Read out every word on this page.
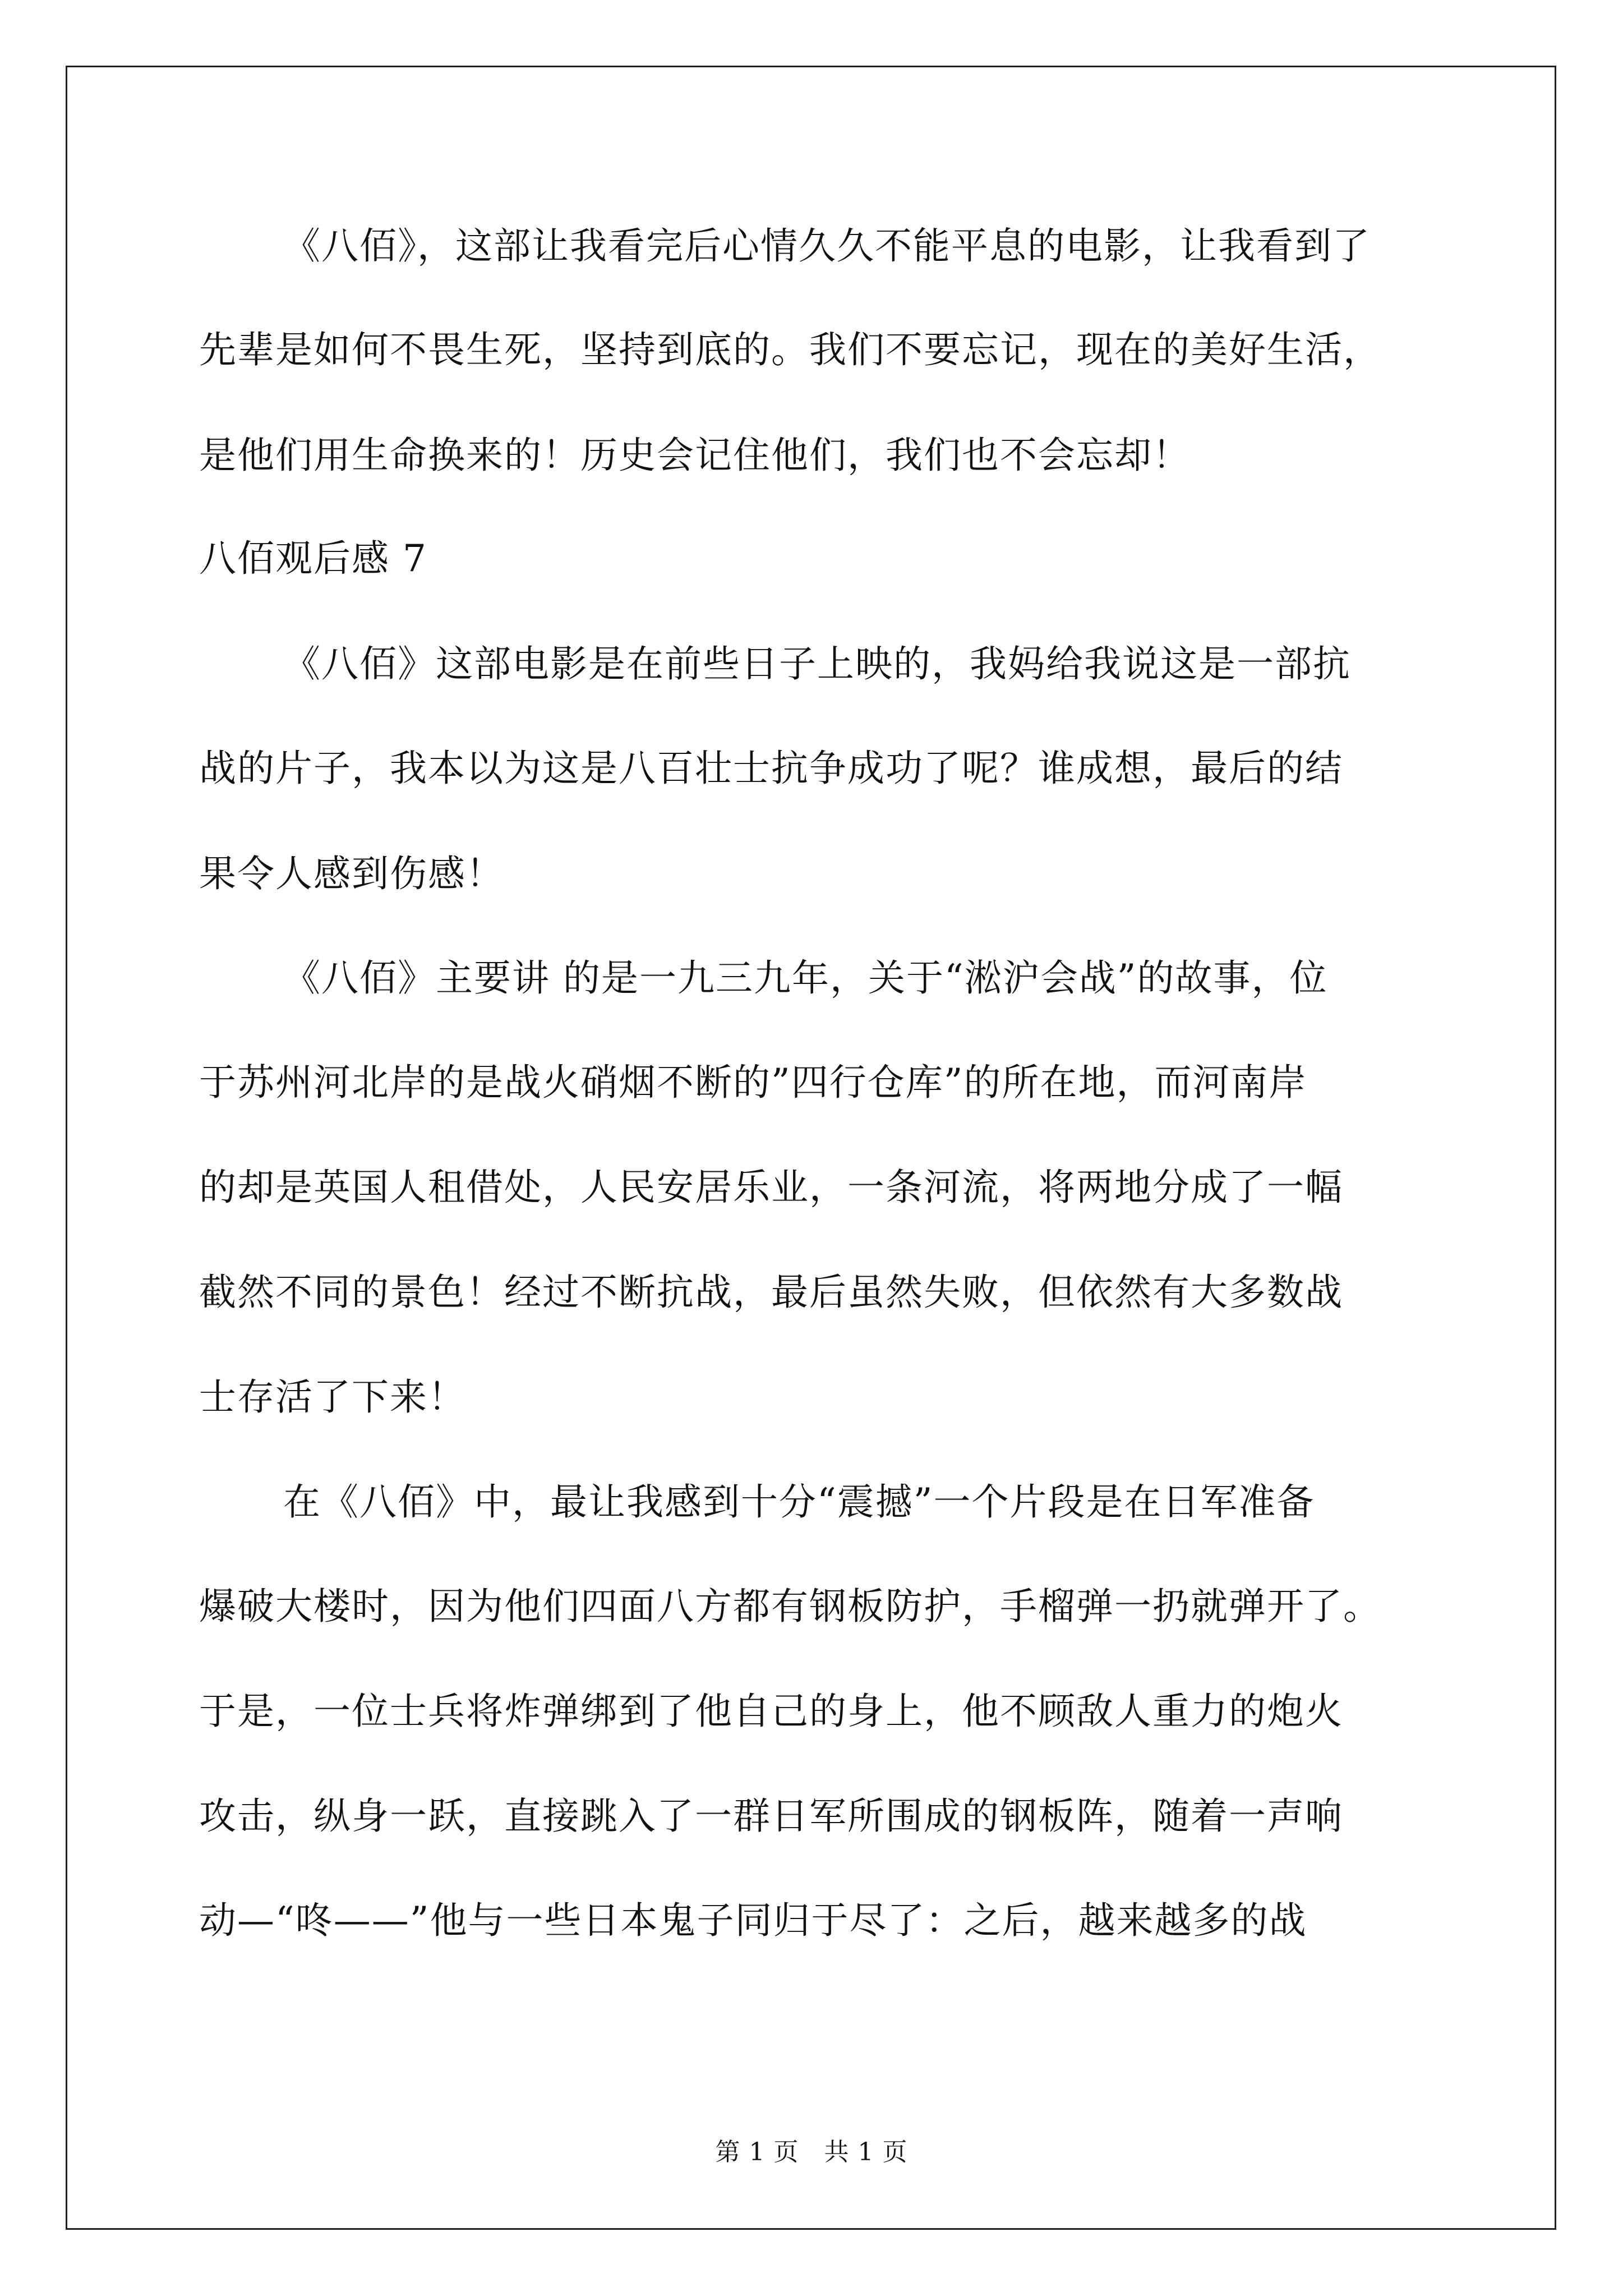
《八佰》，这部让我看完后心情久久不能平息的电影，让我看到了
先辈是如何不畏生死，坚持到底的。我们不要忘记，现在的美好生活，
是他们用生命换来的！历史会记住他们，我们也不会忘却！
八佰观后感 7
《八佰》这部电影是在前些日子上映的，我妈给我说这是一部抗
战的片子，我本以为这是八百壮士抗争成功了呢？谁成想，最后的结
果令人感到伤感！
《八佰》主要讲 的是一九三九年，关于“淞沪会战”的故事，位
于苏州河北岸的是战火硝烟不断的”四行仓库”的所在地，而河南岸
的却是英国人租借处，人民安居乐业，一条河流，将两地分成了一幅
截然不同的景色！经过不断抗战，最后虽然失败，但依然有大多数战
士存活了下来！
在《八佰》中，最让我感到十分“震撼”一个片段是在日军准备
爆破大楼时，因为他们四面八方都有钢板防护，手榴弹一扔就弹开了。
于是，一位士兵将炸弹绑到了他自己的身上，他不顾敌人重力的炮火
攻击，纵身一跃，直接跳入了一群日军所围成的钢板阵，随着一声响
动—“咚——”他与一些日本鬼子同归于尽了：之后，越来越多的战
第 1 页　共 1 页
